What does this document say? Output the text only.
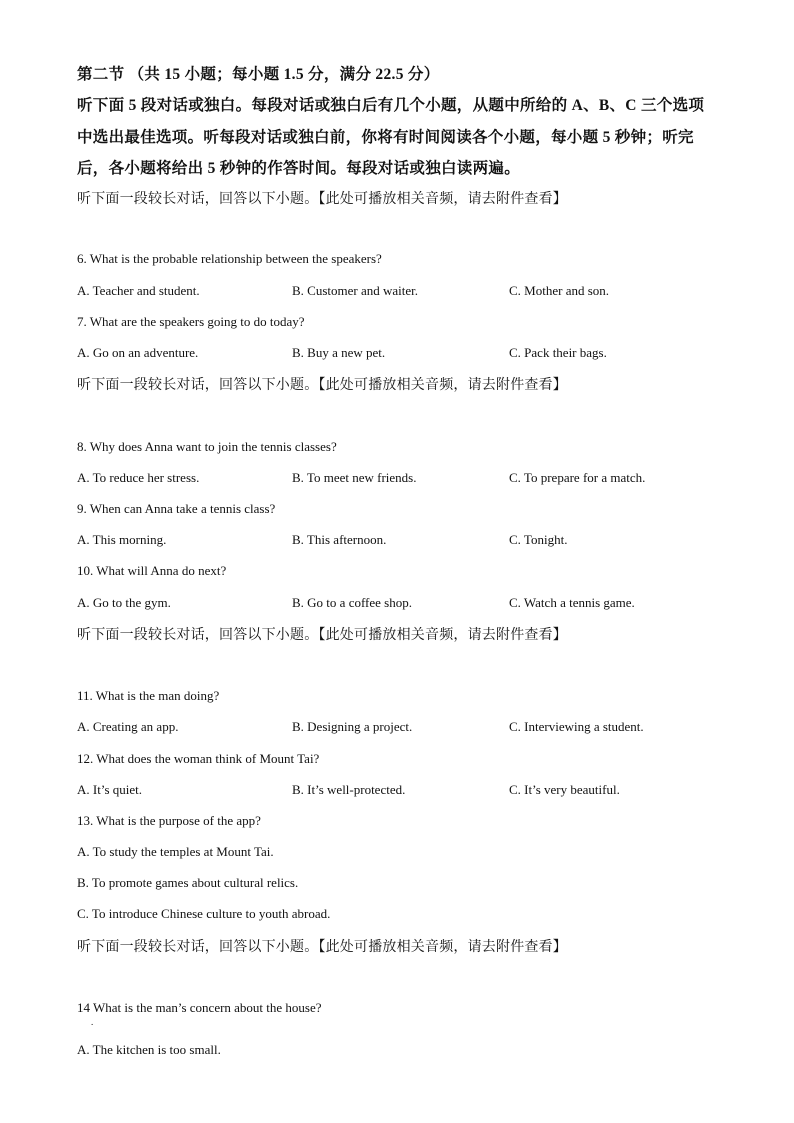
第二节 （共 15 小题；每小题 1.5 分，满分 22.5 分）
听下面 5 段对话或独白。每段对话或独白后有几个小题，从题中所给的 A、B、C 三个选项
中选出最佳选项。听每段对话或独白前，你将有时间阅读各个小题，每小题 5 秒钟；听完
后，各小题将给出 5 秒钟的作答时间。每段对话或独白读两遍。
听下面一段较长对话，回答以下小题。【此处可播放相关音频，请去附件查看】
6. What is the probable relationship between the speakers?
A. Teacher and student.	B. Customer and waiter.	C. Mother and son.
7. What are the speakers going to do today?
A. Go on an adventure.	B. Buy a new pet.	C. Pack their bags.
听下面一段较长对话，回答以下小题。【此处可播放相关音频，请去附件查看】
8. Why does Anna want to join the tennis classes?
A. To reduce her stress.	B. To meet new friends.	C. To prepare for a match.
9. When can Anna take a tennis class?
A. This morning.	B. This afternoon.	C. Tonight.
10. What will Anna do next?
A. Go to the gym.	B. Go to a coffee shop.	C. Watch a tennis game.
听下面一段较长对话，回答以下小题。【此处可播放相关音频，请去附件查看】
11. What is the man doing?
A. Creating an app.	B. Designing a project.	C. Interviewing a student.
12. What does the woman think of Mount Tai?
A. It’s quiet.	B. It’s well-protected.	C. It’s very beautiful.
13. What is the purpose of the app?
A. To study the temples at Mount Tai.
B. To promote games about cultural relics.
C. To introduce Chinese culture to youth abroad.
听下面一段较长对话，回答以下小题。【此处可播放相关音频，请去附件查看】
14 What is the man’s concern about the house?
.
A. The kitchen is too small.
